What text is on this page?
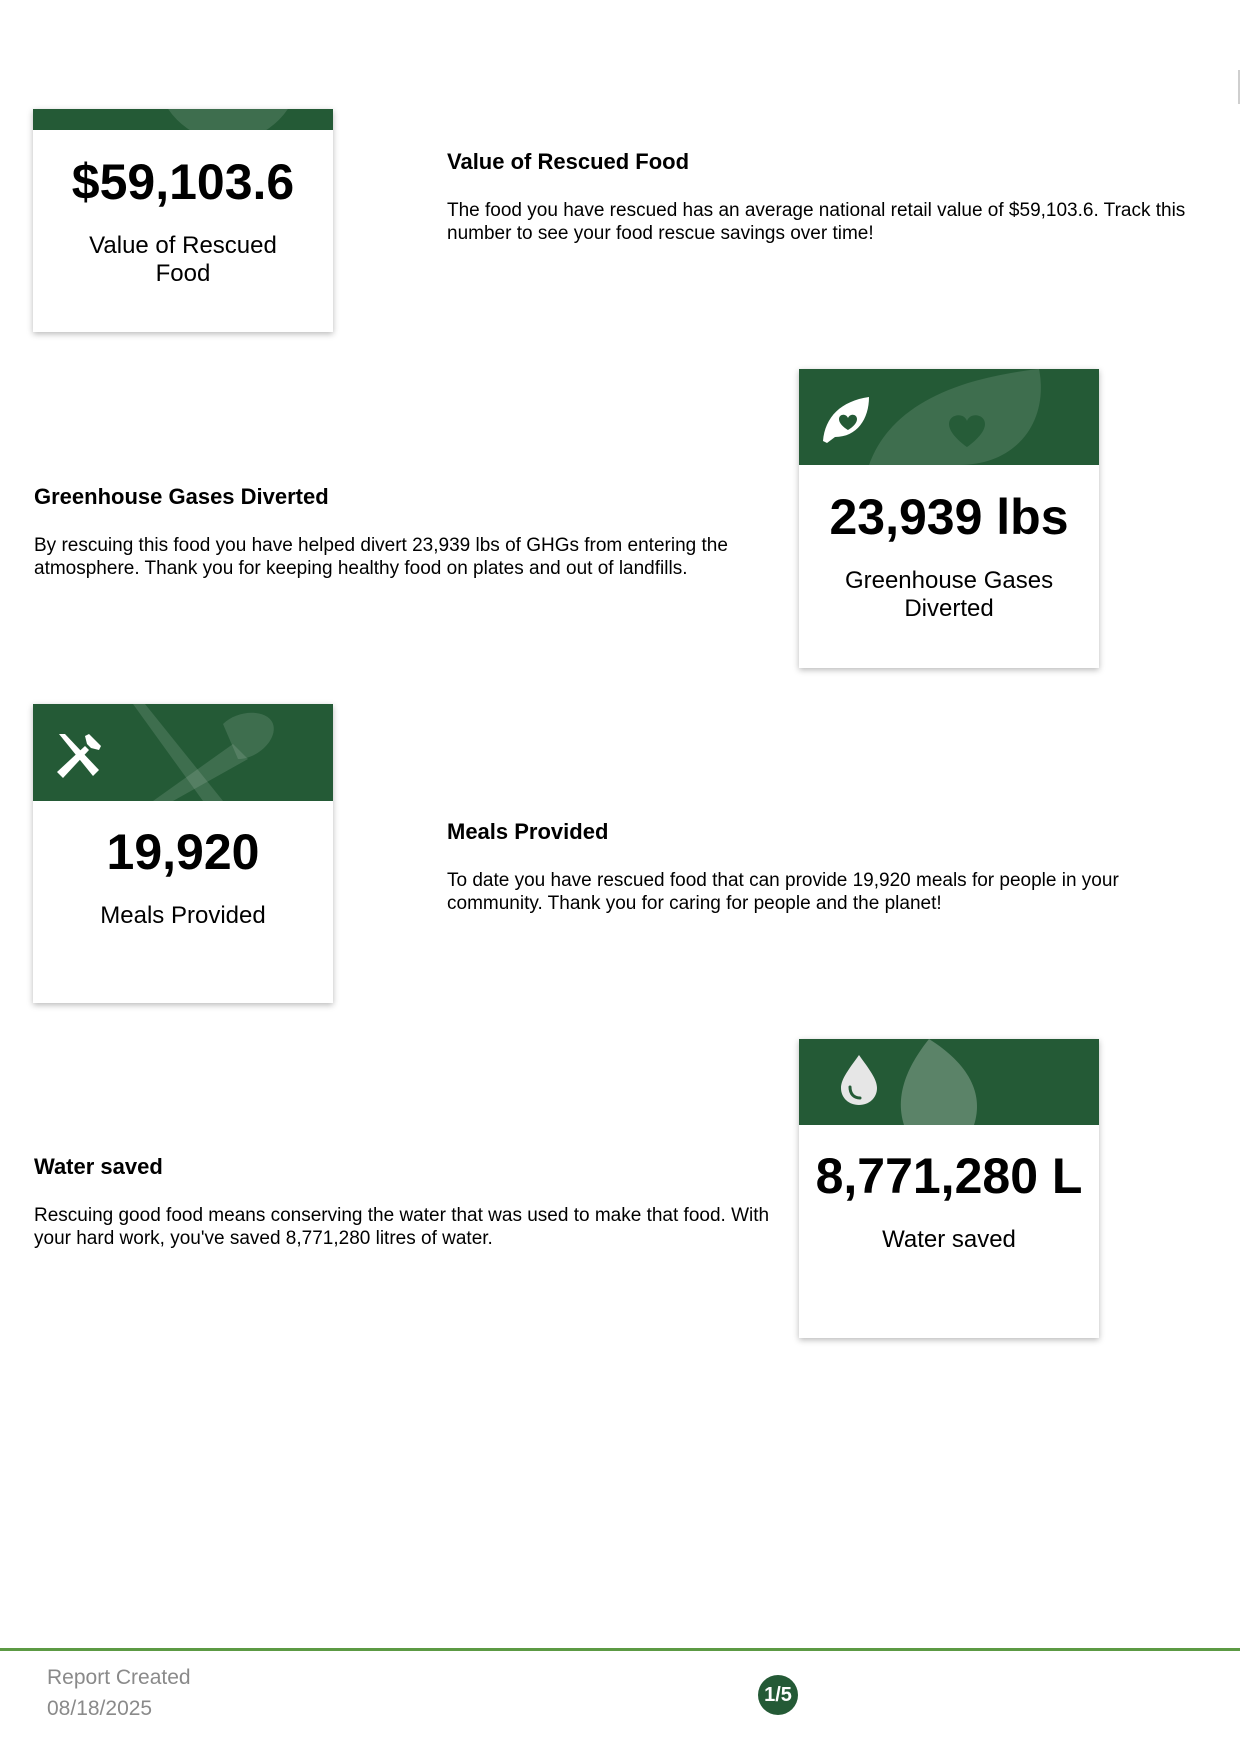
$59,103.6
Value of Rescued Food
Value of Rescued Food
The food you have rescued has an average national retail value of $59,103.6. Track this number to see your food rescue savings over time!
Greenhouse Gases Diverted
By rescuing this food you have helped divert 23,939 lbs of GHGs from entering the atmosphere. Thank you for keeping healthy food on plates and out of landfills.
23,939 lbs
Greenhouse Gases Diverted
19,920
Meals Provided
Meals Provided
To date you have rescued food that can provide 19,920 meals for people in your community. Thank you for caring for people and the planet!
Water saved
Rescuing good food means conserving the water that was used to make that food. With your hard work, you've saved 8,771,280 litres of water.
8,771,280 L
Water saved
Report Created
08/18/2025
1/5
